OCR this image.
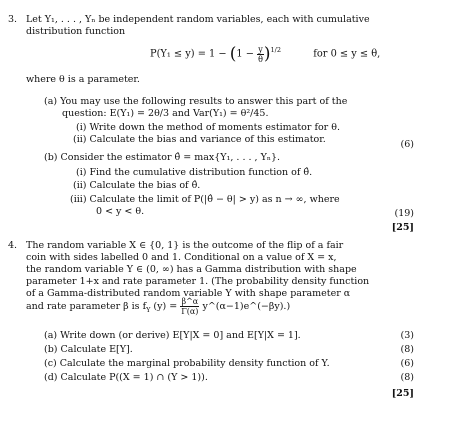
3. Let Y₁, . . . , Yₙ be independent random variables, each with cumulative
distribution function
$P(Y_1 \le y) = 1 - (1 - \frac{y}{\theta} )^{1/2}$	for 0 ≤ y ≤ θ,
where θ is a parameter.
(a) You may use the following results to answer this part of the
question: E(Y₁) = 2θ/3 and Var(Y₁) = θ²/45.
(i) Write down the method of moments estimator for θ.
(ii) Calculate the bias and variance of this estimator.	(6)
(b) Consider the estimator θ̂ = max{Y₁, . . . , Yₙ}.
(i) Find the cumulative distribution function of θ̂.
(ii) Calculate the bias of θ̂.
(iii) Calculate the limit of P(|θ̂ − θ| > y) as n → ∞, where
0 < y < θ.	(19)
[25]
4. The random variable X ∈ {0, 1} is the outcome of the flip of a fair
coin with sides labelled 0 and 1. Conditional on a value of X = x,
the random variable Y ∈ (0, ∞) has a Gamma distribution with shape
parameter 1+x and rate parameter 1. (The probability density function
of a Gamma-distributed random variable Y with shape parameter α
and rate parameter β is $f_Y$ $(y) = \frac{\beta\^{}\alpha}{\Gamma(\alpha)}$ y^(α−1)e^(−βy).)
(a) Write down (or derive) E[Y|X = 0] and E[Y|X = 1].	(3)
(b) Calculate E[Y].	(8)
(c) Calculate the marginal probability density function of Y.	(6)
(d) Calculate P((X = 1) ∩ (Y > 1)).	(8)
[25]
